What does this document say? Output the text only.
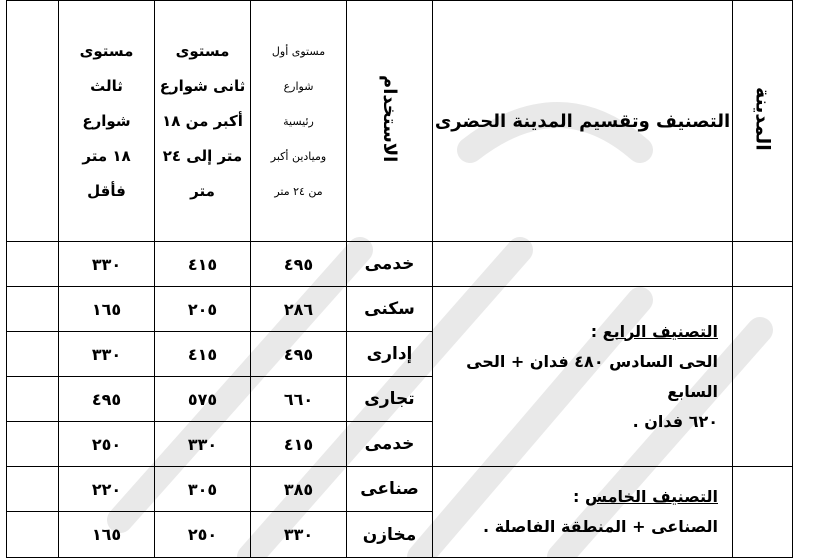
المدينة	التصنيف وتقسيم المدينة الحضرى	الاستخدام	مستوى أول
شوارع
رئيسية
وميادين أكبر
من ٢٤ متر	مستوى
ثانى شوارع
أكبر من ١٨
متر إلى ٢٤
متر	مستوى
ثالث
شوارع
١٨ متر
فأقل	

		خدمى	٤٩٥	٤١٥	٣٣٠	

	التصنيف الرابع :
الحى السادس ٤٨٠ فدان + الحى السابع
٦٢٠ فدان .	سكنى	٢٨٦	٢٠٥	١٦٥	
		إدارى	٤٩٥	٤١٥	٣٣٠	
		تجارى	٦٦٠	٥٧٥	٤٩٥	
		خدمى	٤١٥	٣٣٠	٢٥٠	

	التصنيف الخامس :
الصناعى + المنطقة الفاصلة .	صناعى	٣٨٥	٣٠٥	٢٢٠	
		مخازن	٣٣٠	٢٥٠	١٦٥	
